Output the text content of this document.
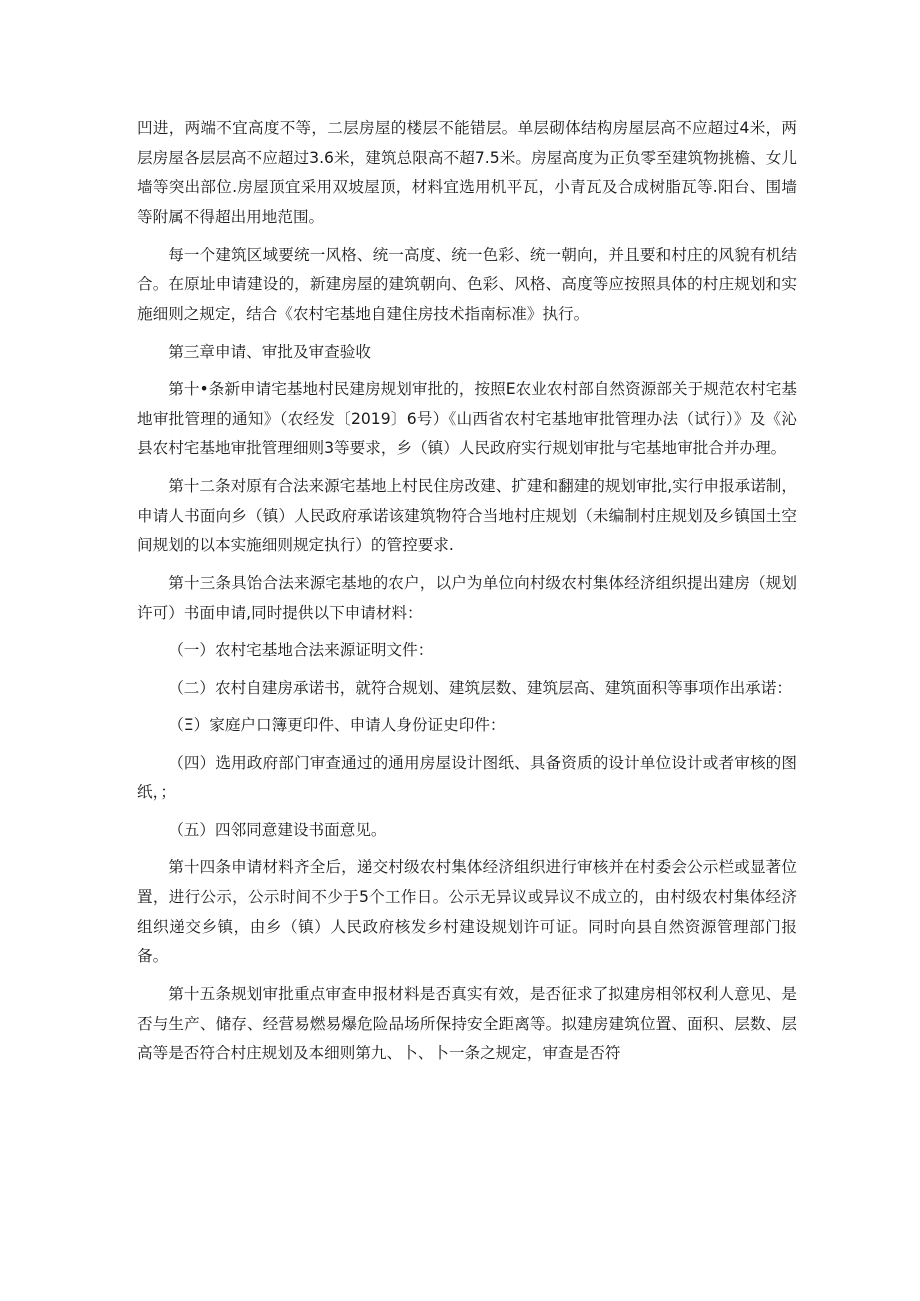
凹进，两端不宜高度不等，二层房屋的楼层不能错层。单层砌体结构房屋层高不应超过4米，两层房屋各层层高不应超过3.6米，建筑总限高不超7.5米。房屋高度为正负零至建筑物挑檐、女儿墙等突出部位.房屋顶宜采用双坡屋顶，材料宜选用机平瓦，小青瓦及合成树脂瓦等.阳台、围墙等附属不得超出用地范围。

每一个建筑区域要统一风格、统一高度、统一色彩、统一朝向，并且要和村庄的风貌有机结合。在原址申请建设的，新建房屋的建筑朝向、色彩、风格、高度等应按照具体的村庄规划和实施细则之规定，结合《农村宅基地自建住房技术指南标准》执行。

第三章申请、审批及审查验收

第十•条新申请宅基地村民建房规划审批的，按照E农业农村部自然资源部关于规范农村宅基地审批管理的通知》（农经发〔2019〕6号）《山西省农村宅基地审批管理办法（试行）》及《沁县农村宅基地审批管理细则3等要求，乡（镇）人民政府实行规划审批与宅基地审批合并办理。

第十二条对原有合法来源宅基地上村民住房改建、扩建和翻建的规划审批,实行申报承诺制，申请人书面向乡（镇）人民政府承诺该建筑物符合当地村庄规划（未编制村庄规划及乡镇国土空间规划的以本实施细则规定执行）的管控要求.

第十三条具饴合法来源宅基地的农户，以户为单位向村级农村集体经济组织提出建房（规划许可）书面申请,同时提供以下申请材料：

（一）农村宅基地合法来源证明文件：

（二）农村自建房承诺书，就符合规划、建筑层数、建筑层高、建筑面积等事项作出承诺：

（Ξ）家庭户口簿更印件、申请人身份证史印件：

（四）选用政府部门审查通过的通用房屋设计图纸、具备资质的设计单位设计或者审核的图纸，；

（五）四邻同意建设书面意见。

第十四条申请材料齐全后，递交村级农村集体经济组织进行审核并在村委会公示栏或显著位置，进行公示，公示时间不少于5个工作日。公示无异议或异议不成立的，由村级农村集体经济组织递交乡镇，由乡（镇）人民政府核发乡村建设规划许可证。同时向县自然资源管理部门报备。

第十五条规划审批重点审查申报材料是否真实有效，是否征求了拟建房相邻权利人意见、是否与生产、储存、经营易燃易爆危险品场所保持安全距离等。拟建房建筑位置、面积、层数、层高等是否符合村庄规划及本细则第九、卜、卜一条之规定，审查是否符
